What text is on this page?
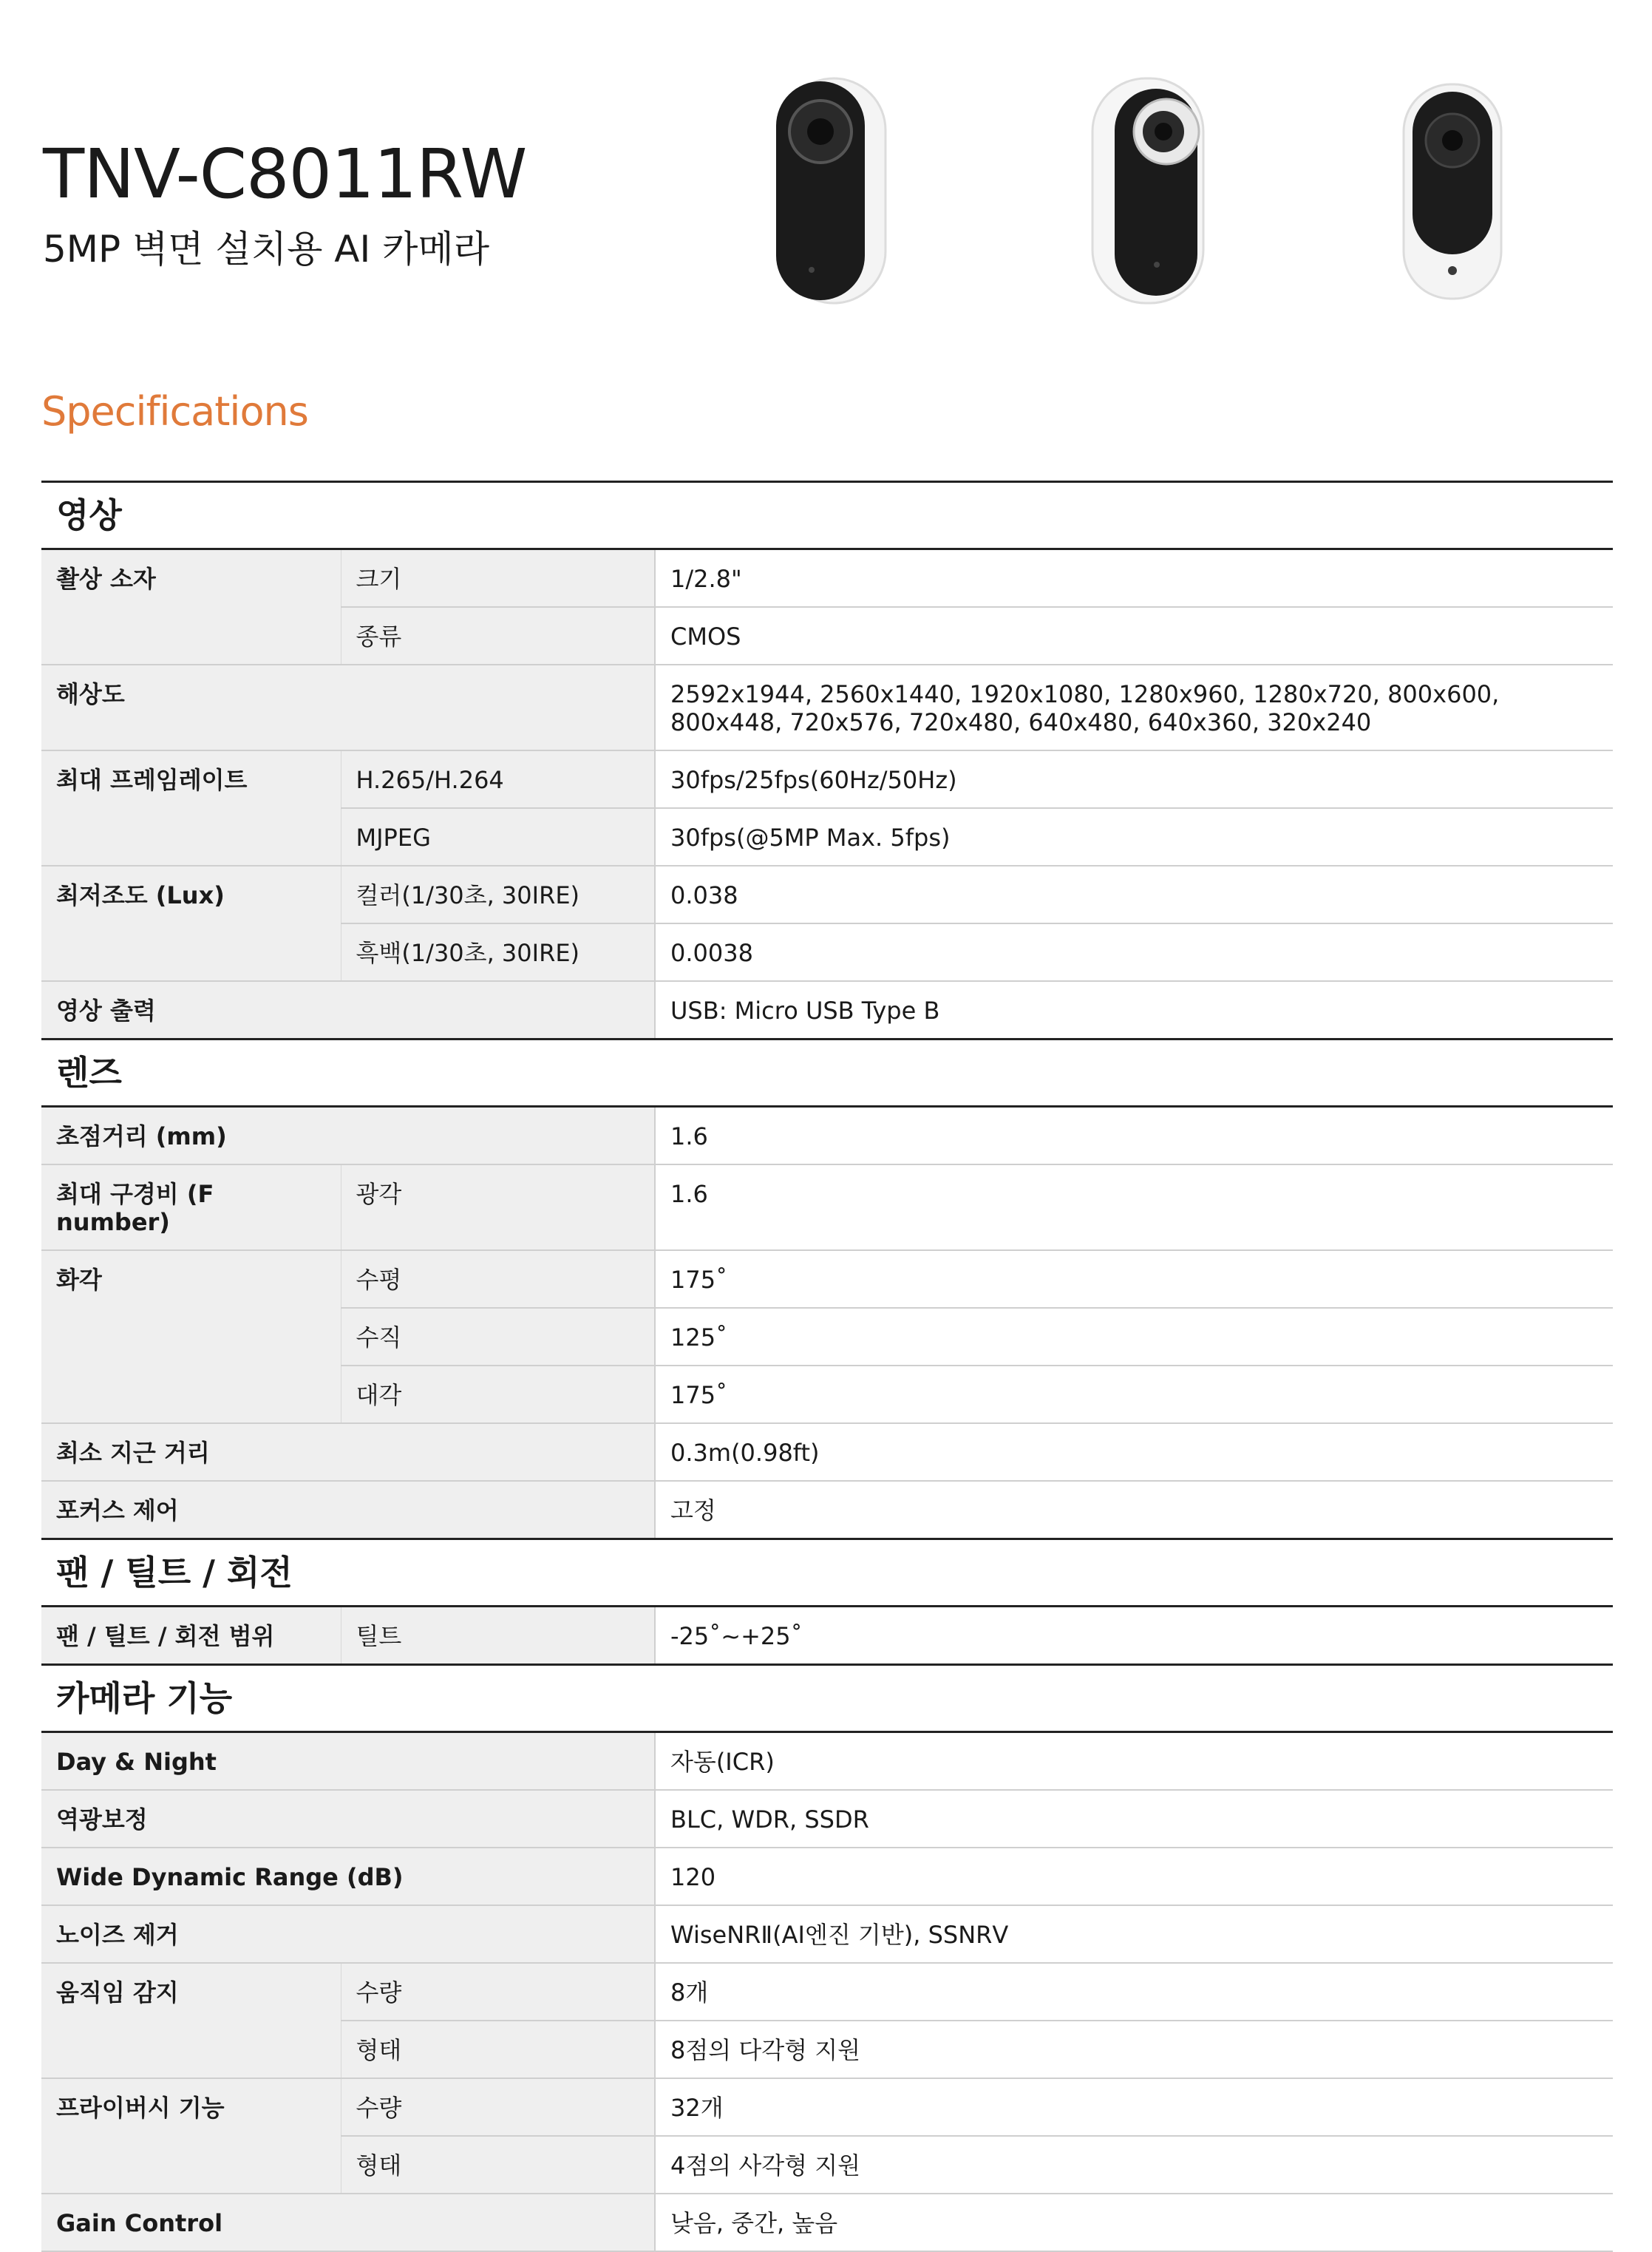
TNV-C8011RW
5MP 벽면 설치용 AI 카메라
Specifications
영상		
촬상 소자	크기	1/2.8"
	종류	CMOS
해상도		2592x1944, 2560x1440, 1920x1080, 1280x960, 1280x720, 800x600, 800x448, 720x576, 720x480, 640x480, 640x360, 320x240
최대 프레임레이트	H.265/H.264	30fps/25fps(60Hz/50Hz)
	MJPEG	30fps(@5MP Max. 5fps)
최저조도 (Lux)	컬러(1/30초, 30IRE)	0.038
	흑백(1/30초, 30IRE)	0.0038
영상 출력		USB: Micro USB Type B
렌즈		
초점거리 (mm)		1.6
최대 구경비 (F number)	광각	1.6
화각	수평	175˚
	수직	125˚
	대각	175˚
최소 지근 거리		0.3m(0.98ft)
포커스 제어		고정
팬 / 틸트 / 회전		
팬 / 틸트 / 회전 범위	틸트	-25˚~+25˚
카메라 기능		
Day & Night		자동(ICR)
역광보정		BLC, WDR, SSDR
Wide Dynamic Range (dB)		120
노이즈 제거		WiseNRⅡ(AI엔진 기반), SSNRⅤ
움직임 감지	수량	8개
	형태	8점의 다각형 지원
프라이버시 기능	수량	32개
	형태	4점의 사각형 지원
Gain Control		낮음, 중간, 높음
